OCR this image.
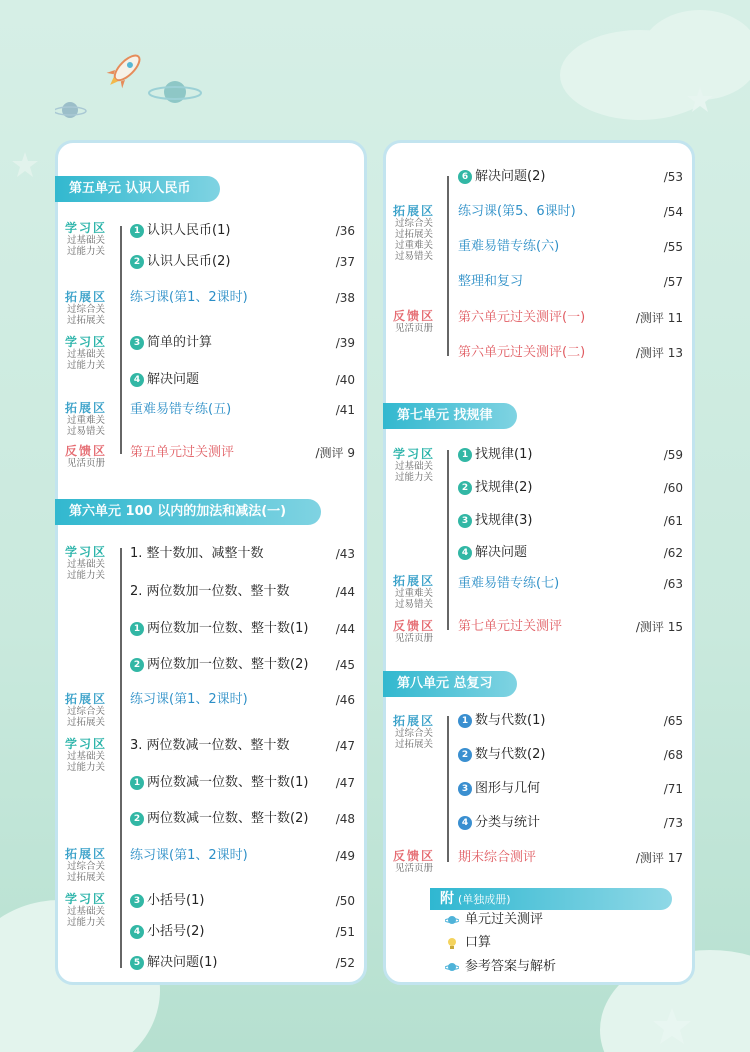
第五单元 认识人民币
学习区
过基础关
过能力关
拓展区
过综合关
过拓展关
学习区
过基础关
过能力关
拓展区
过重难关
过易错关
反馈区
见活页册
1 认识人民币(1)	/36
2 认识人民币(2)	/37
练习课(第1、2课时)	/38
3 简单的计算	/39
4 解决问题	/40
重难易错专练(五)	/41
第五单元过关测评	/测评 9
第六单元 100 以内的加法和减法(一)
学习区
过基础关
过能力关
拓展区
过综合关
过拓展关
学习区
过基础关
过能力关
拓展区
过综合关
过拓展关
学习区
过基础关
过能力关
1. 整十数加、减整十数	/43
2. 两位数加一位数、整十数	/44
1 两位数加一位数、整十数(1)	/44
2 两位数加一位数、整十数(2)	/45
练习课(第1、2课时)	/46
3. 两位数减一位数、整十数	/47
1 两位数减一位数、整十数(1)	/47
2 两位数减一位数、整十数(2)	/48
练习课(第1、2课时)	/49
3 小括号(1)	/50
4 小括号(2)	/51
5 解决问题(1)	/52
拓展区
过综合关
过拓展关
过重难关
过易错关
反馈区
见活页册
6 解决问题(2)	/53
练习课(第5、6课时)	/54
重难易错专练(六)	/55
整理和复习	/57
第六单元过关测评(一)	/测评 11
第六单元过关测评(二)	/测评 13
第七单元 找规律
学习区
过基础关
过能力关
拓展区
过重难关
过易错关
反馈区
见活页册
1 找规律(1)	/59
2 找规律(2)	/60
3 找规律(3)	/61
4 解决问题	/62
重难易错专练(七)	/63
第七单元过关测评	/测评 15
第八单元 总复习
拓展区
过综合关
过拓展关
反馈区
见活页册
1 数与代数(1)	/65
2 数与代数(2)	/68
3 图形与几何	/71
4 分类与统计	/73
期末综合测评	/测评 17
附 (单独成册)
单元过关测评
口算
参考答案与解析
